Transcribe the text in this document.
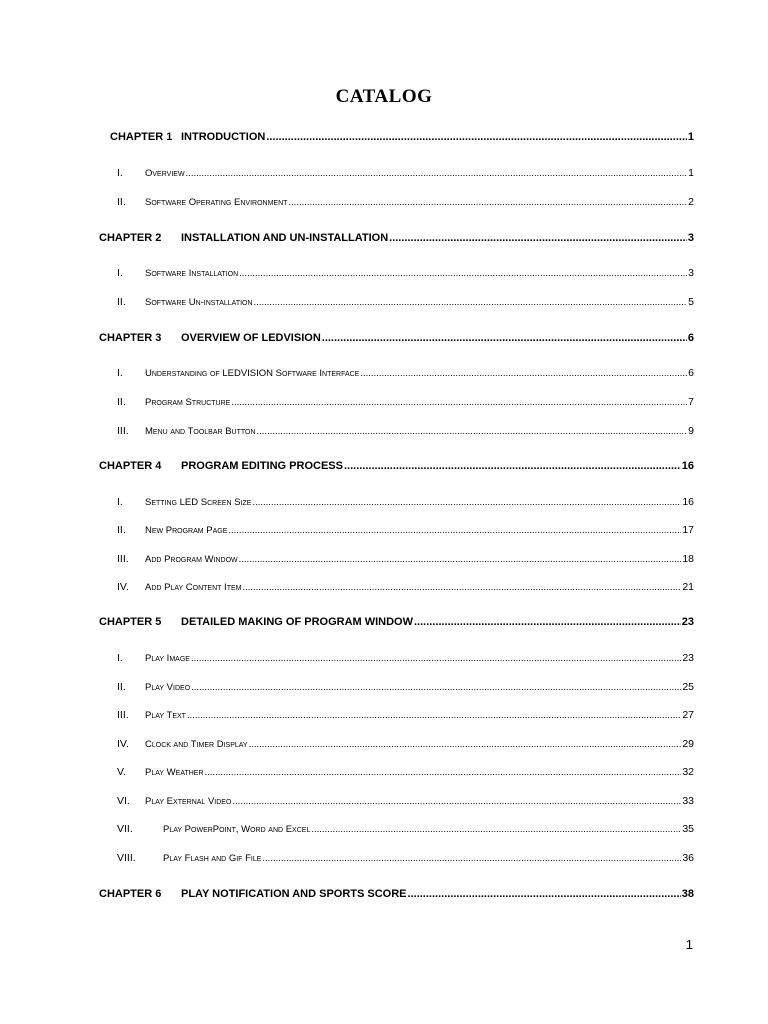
CATALOG
CHAPTER 1 INTRODUCTION .....	1
I.	Overview .....	1
II.	Software Operating Environment .....	2
CHAPTER 2	INSTALLATION AND UN-INSTALLATION .....	3
I.	Software Installation .....	3
II.	Software Un-installation .....	5
CHAPTER 3	OVERVIEW OF LEDVISION .....	6
I.	Understanding of LEDVISION Software Interface .....	6
II.	Program Structure .....	7
III.	Menu and Toolbar Button .....	9
CHAPTER 4	PROGRAM EDITING PROCESS .....	16
I.	Setting LED Screen Size .....	16
II.	New Program Page .....	17
III.	Add Program Window .....	18
IV.	Add Play Content Item .....	21
CHAPTER 5	DETAILED MAKING OF PROGRAM WINDOW .....	23
I.	Play Image .....	23
II.	Play Video .....	25
III.	Play Text .....	27
IV.	Clock and Timer Display .....	29
V.	Play Weather .....	32
VI.	Play External Video .....	33
VII.	Play PowerPoint, Word and Excel .....	35
VIII.	Play Flash and Gif File .....	36
CHAPTER 6	PLAY NOTIFICATION AND SPORTS SCORE .....	38
1
